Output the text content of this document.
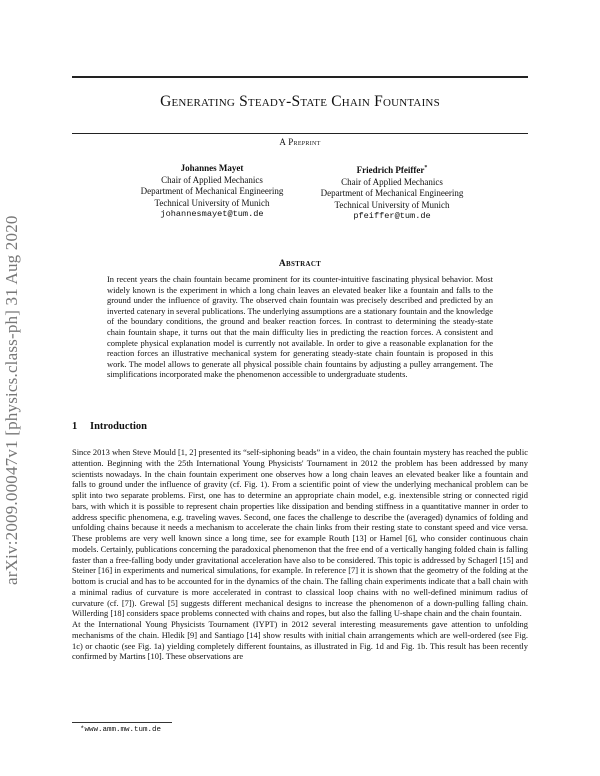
Generating Steady-State Chain Fountains
A Preprint
Johannes Mayet
Chair of Applied Mechanics
Department of Mechanical Engineering
Technical University of Munich
johannesmayet@tum.de
Friedrich Pfeiffer*
Chair of Applied Mechanics
Department of Mechanical Engineering
Technical University of Munich
pfeiffer@tum.de
arXiv:2009.00047v1 [physics.class-ph] 31 Aug 2020	Abstract

In recent years the chain fountain became prominent for its counter-intuitive fascinating physical behavior. Most widely known is the experiment in which a long chain leaves an elevated beaker like a fountain and falls to the ground under the influence of gravity. The observed chain fountain was precisely described and predicted by an inverted catenary in several publications. The underlying assumptions are a stationary fountain and the knowledge of the boundary conditions, the ground and beaker reaction forces. In contrast to determining the steady-state chain fountain shape, it turns out that the main difficulty lies in predicting the reaction forces. A consistent and complete physical explanation model is currently not available. In order to give a reasonable explanation for the reaction forces an illustrative mechanical system for generating steady-state chain fountain is proposed in this work. The model allows to generate all physical possible chain fountains by adjusting a pulley arrangement. The simplifications incorporated make the phenomenon accessible to undergraduate students.

1 Introduction

Since 2013 when Steve Mould [1, 2] presented its “self-siphoning beads” in a video, the chain fountain mystery has reached the public attention. Beginning with the 25th International Young Physicists' Tournament in 2012 the problem has been addressed by many scientists nowadays. In the chain fountain experiment one observes how a long chain leaves an elevated beaker like a fountain and falls to ground under the influence of gravity (cf. Fig. 1). From a scientific point of view the underlying mechanical problem can be split into two separate problems. First, one has to determine an appropriate chain model, e.g. inextensible string or connected rigid bars, with which it is possible to represent chain properties like dissipation and bending stiffness in a quantitative manner in order to address specific phenomena, e.g. traveling waves. Second, one faces the challenge to describe the (averaged) dynamics of folding and unfolding chains because it needs a mechanism to accelerate the chain links from their resting state to constant speed and vice versa. These problems are very well known since a long time, see for example Routh [13] or Hamel [6], who consider continuous chain models. Certainly, publications concerning the paradoxical phenomenon that the free end of a vertically hanging folded chain is falling faster than a free-falling body under gravitational acceleration have also to be considered. This topic is addressed by Schagerl [15] and Steiner [16] in experiments and numerical simulations, for example. In reference [7] it is shown that the geometry of the folding at the bottom is crucial and has to be accounted for in the dynamics of the chain. The falling chain experiments indicate that a ball chain with a minimal radius of curvature is more accelerated in contrast to classical loop chains with no well-defined minimum radius of curvature (cf. [7]). Grewal [5] suggests different mechanical designs to increase the phenomenon of a down-pulling falling chain. Willerding [18] considers space problems connected with chains and ropes, but also the falling U-shape chain and the chain fountain.

At the International Young Physicists Tournament (IYPT) in 2012 several interesting measurements gave attention to unfolding mechanisms of the chain. Hledik [9] and Santiago [14] show results with initial chain arrangements which are well-ordered (see Fig. 1c) or chaotic (see Fig. 1a) yielding completely different fountains, as illustrated in Fig. 1d and Fig. 1b. This result has been recently confirmed by Martins [10]. These observations are

*www.amm.mw.tum.de
